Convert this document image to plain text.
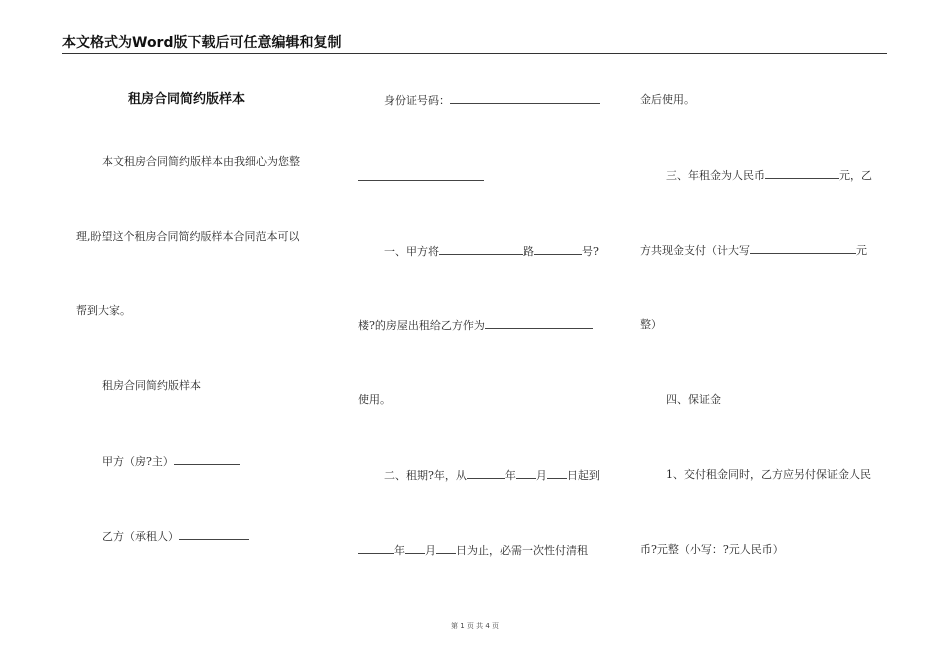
本文格式为Word版下载后可任意编辑和复制
租房合同简约版样本
本文租房合同简约版样本由我细心为您整
理,盼望这个租房合同简约版样本合同范本可以
帮到大家。
租房合同简约版样本
甲方（房?主）
乙方（承租人）
身份证号码：
一、甲方将	路	号?
楼?的房屋出租给乙方作为
使用。
二、租期?年，从	年 月 日起到
年 月 日为止，必需一次性付清租
金后使用。
三、年租金为人民币	元，乙
方共现金支付（计大写	元
整）
四、保证金
1、交付租金同时，乙方应另付保证金人民
币?元整（小写：?元人民币）
第 1 页 共 4 页
